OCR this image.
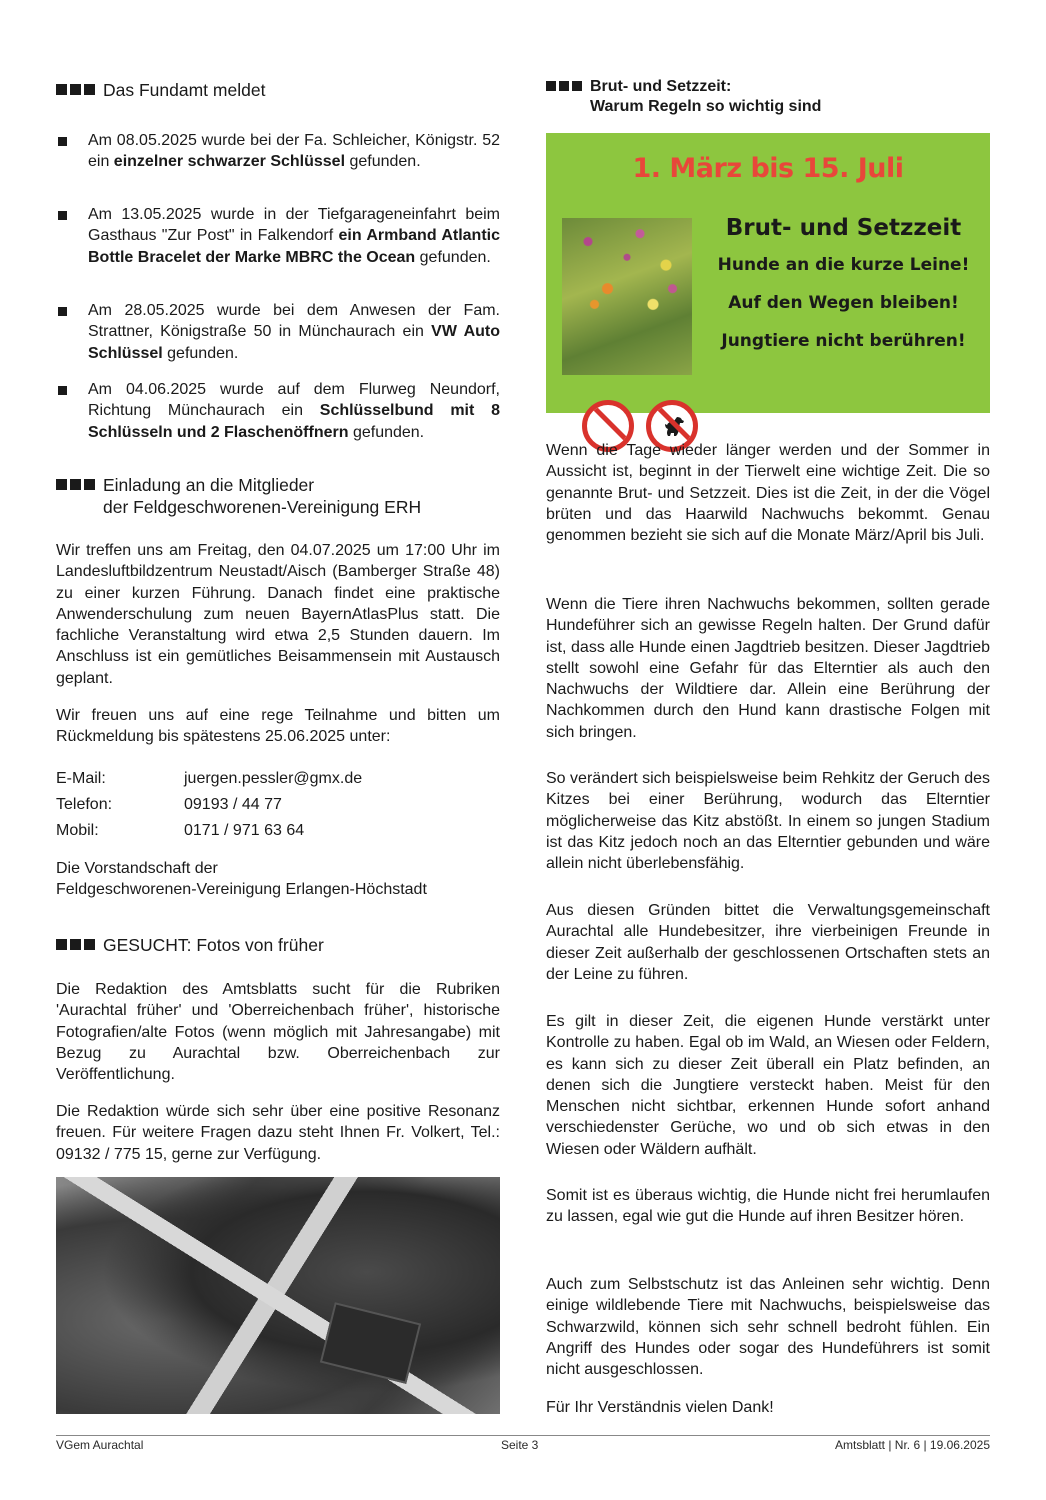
Das Fundamt meldet
Am 08.05.2025 wurde bei der Fa. Schleicher, Königstr. 52 ein einzelner schwarzer Schlüssel gefunden.
Am 13.05.2025 wurde in der Tiefgarageneinfahrt beim Gasthaus "Zur Post" in Falkendorf ein Armband Atlantic Bottle Bracelet der Marke MBRC the Ocean gefunden.
Am 28.05.2025 wurde bei dem Anwesen der Fam. Strattner, Königstraße 50 in Münchaurach ein VW Auto Schlüssel gefunden.
Am 04.06.2025 wurde auf dem Flurweg Neundorf, Richtung Münchaurach ein Schlüsselbund mit 8 Schlüsseln und 2 Flaschenöffnern gefunden.
Einladung an die Mitglieder
der Feldgeschworenen-Vereinigung ERH
Wir treffen uns am Freitag, den 04.07.2025 um 17:00 Uhr im Landesluftbildzentrum Neustadt/Aisch (Bamberger Straße 48) zu einer kurzen Führung. Danach findet eine praktische Anwenderschulung zum neuen BayernAtlasPlus statt. Die fachliche Veranstaltung wird etwa 2,5 Stunden dauern. Im Anschluss ist ein gemütliches Beisammensein mit Austausch geplant.
Wir freuen uns auf eine rege Teilnahme und bitten um Rückmeldung bis spätestens 25.06.2025 unter:
E-Mail:	juergen.pessler@gmx.de
Telefon:	09193 / 44 77
Mobil:	0171 / 971 63 64
Die Vorstandschaft der
Feldgeschworenen-Vereinigung Erlangen-Höchstadt
GESUCHT: Fotos von früher
Die Redaktion des Amtsblatts sucht für die Rubriken 'Aurachtal früher' und 'Oberreichenbach früher', historische Fotografien/alte Fotos (wenn möglich mit Jahresangabe) mit Bezug zu Aurachtal bzw. Oberreichenbach zur Veröffentlichung.
Die Redaktion würde sich sehr über eine positive Resonanz freuen. Für weitere Fragen dazu steht Ihnen Fr. Volkert, Tel.: 09132 / 775 15, gerne zur Verfügung.
Brut- und Setzzeit:
Warum Regeln so wichtig sind
1. März bis 15. Juli
Brut- und Setzzeit
Hunde an die kurze Leine!
Auf den Wegen bleiben!
Jungtiere nicht berühren!
Wenn die Tage wieder länger werden und der Sommer in Aussicht ist, beginnt in der Tierwelt eine wichtige Zeit. Die so genannte Brut- und Setzzeit. Dies ist die Zeit, in der die Vögel brüten und das Haarwild Nachwuchs bekommt. Genau genommen bezieht sie sich auf die Monate März/April bis Juli.
Wenn die Tiere ihren Nachwuchs bekommen, sollten gerade Hundeführer sich an gewisse Regeln halten. Der Grund dafür ist, dass alle Hunde einen Jagdtrieb besitzen. Dieser Jagdtrieb stellt sowohl eine Gefahr für das Elterntier als auch den Nachwuchs der Wildtiere dar. Allein eine Berührung der Nachkommen durch den Hund kann drastische Folgen mit sich bringen.
So verändert sich beispielsweise beim Rehkitz der Geruch des Kitzes bei einer Berührung, wodurch das Elterntier möglicherweise das Kitz abstößt. In einem so jungen Stadium ist das Kitz jedoch noch an das Elterntier gebunden und wäre allein nicht überlebensfähig.
Aus diesen Gründen bittet die Verwaltungsgemeinschaft Aurachtal alle Hundebesitzer, ihre vierbeinigen Freunde in dieser Zeit außerhalb der geschlossenen Ortschaften stets an der Leine zu führen.
Es gilt in dieser Zeit, die eigenen Hunde verstärkt unter Kontrolle zu haben. Egal ob im Wald, an Wiesen oder Feldern, es kann sich zu dieser Zeit überall ein Platz befinden, an denen sich die Jungtiere versteckt haben. Meist für den Menschen nicht sichtbar, erkennen Hunde sofort anhand verschiedenster Gerüche, wo und ob sich etwas in den Wiesen oder Wäldern aufhält.
Somit ist es überaus wichtig, die Hunde nicht frei herumlaufen zu lassen, egal wie gut die Hunde auf ihren Besitzer hören.
Auch zum Selbstschutz ist das Anleinen sehr wichtig. Denn einige wildlebende Tiere mit Nachwuchs, beispielsweise das Schwarzwild, können sich sehr schnell bedroht fühlen. Ein Angriff des Hundes oder sogar des Hundeführers ist somit nicht ausgeschlossen.
Für Ihr Verständnis vielen Dank!
VGem Aurachtal	Seite 3	Amtsblatt | Nr. 6 | 19.06.2025
